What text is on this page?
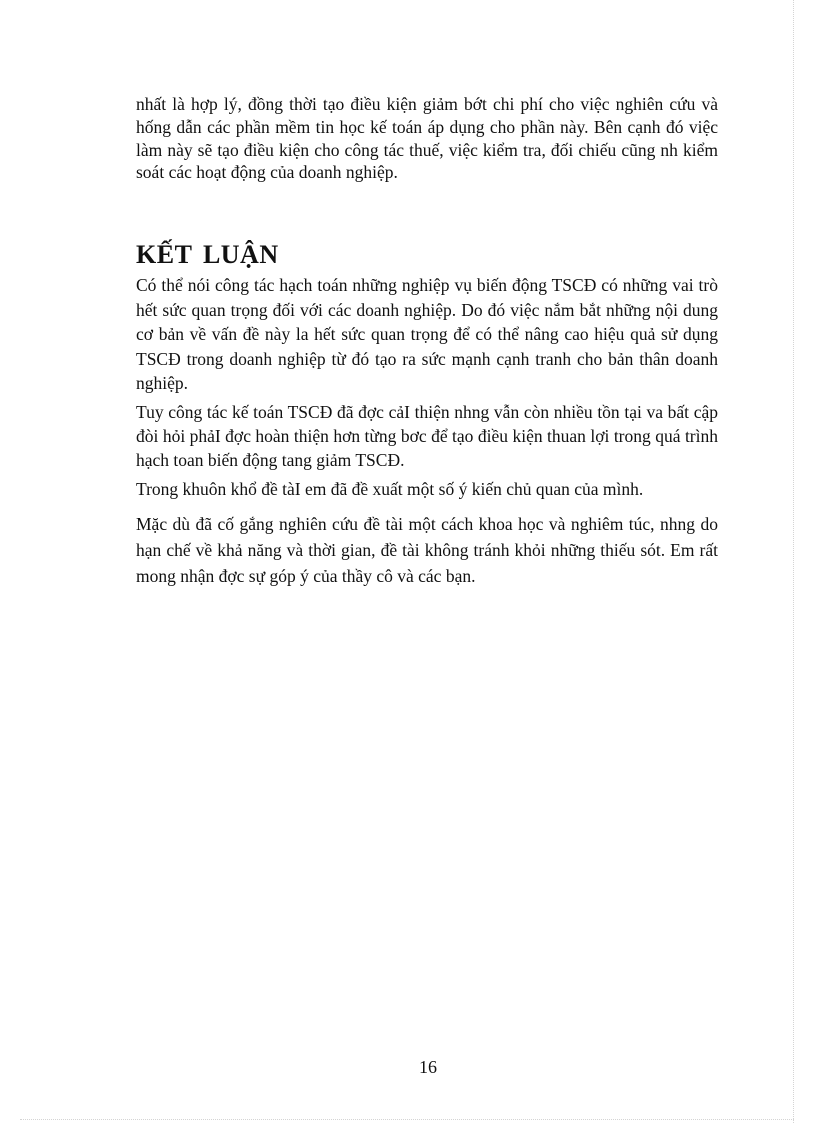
nhất là hợp lý, đồng thời tạo điều kiện giảm bớt chi phí cho việc nghiên cứu và hống dẫn các phần mềm tin học kế toán áp dụng cho phần này. Bên cạnh đó việc làm này sẽ tạo điều kiện cho công tác thuế, việc kiểm tra, đối chiếu cũng nh kiểm soát các hoạt động của doanh nghiệp.

KẾT LUẬN

Có thể nói công tác hạch toán những nghiệp vụ biến động TSCĐ có những vai trò hết sức quan trọng đối với các doanh nghiệp. Do đó việc nắm bắt những nội dung cơ bản về vấn đề này la hết sức quan trọng để có thể nâng cao hiệu quả sử dụng TSCĐ trong doanh nghiệp từ đó tạo ra sức mạnh cạnh tranh cho bản thân doanh nghiệp.

Tuy công tác kế toán TSCĐ đã đợc cảI thiện nhng vẫn còn nhiều tồn tại va bất cập đòi hỏi phảI đợc hoàn thiện hơn từng bơc để tạo điều kiện thuan lợi trong quá trình hạch toan biến động tang giảm TSCĐ.

Trong khuôn khổ đề tàI em đã đề xuất một số ý kiến chủ quan của mình.

Mặc dù đã cố gắng nghiên cứu đề tài một cách khoa học và nghiêm túc, nhng do hạn chế về khả năng và thời gian, đề tài không tránh khỏi những thiếu sót. Em rất mong nhận đợc sự góp ý của thầy cô và các bạn.

16
